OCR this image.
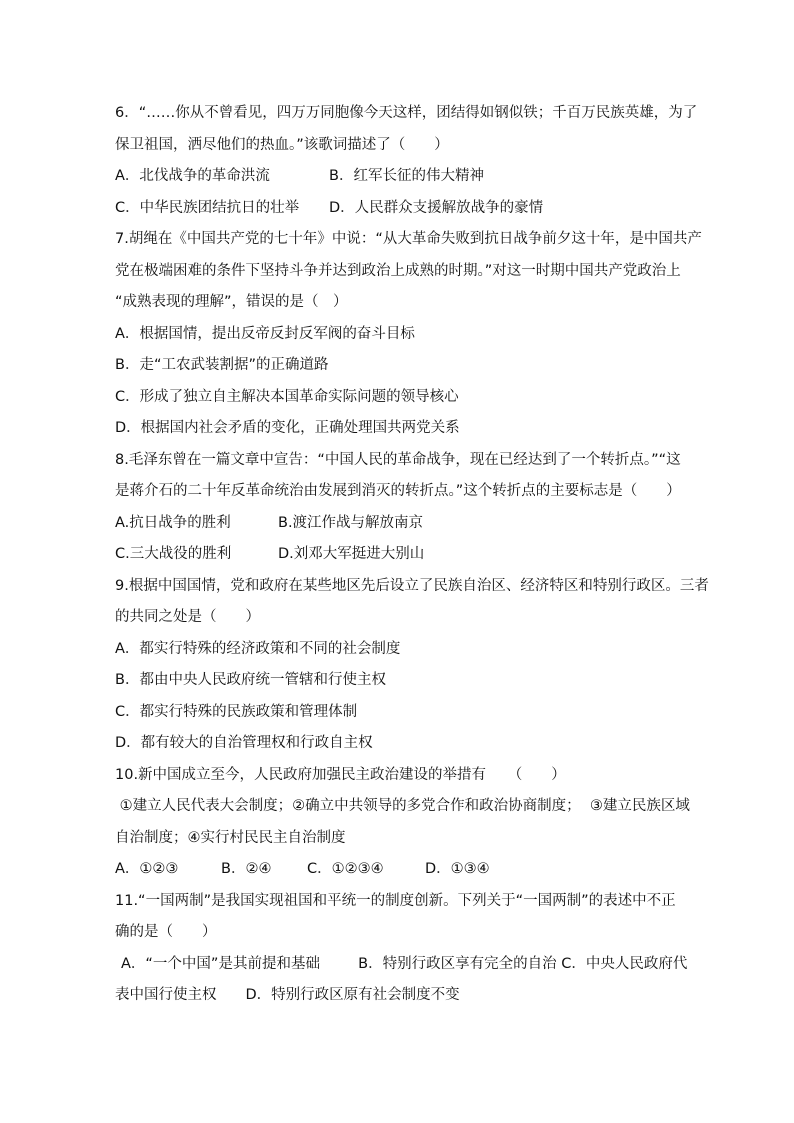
6．“……你从不曾看见，四万万同胞像今天这样，团结得如钢似铁；千百万民族英雄，为了

保卫祖国，洒尽他们的热血。”该歌词描述了（　　）

A．北伐战争的革命洪流	B．红军长征的伟大精神

C．中华民族团结抗日的壮举 D．人民群众支援解放战争的豪情

7.胡绳在《中国共产党的七十年》中说：“从大革命失败到抗日战争前夕这十年，是中国共产

党在极端困难的条件下坚持斗争并达到政治上成熟的时期。”对这一时期中国共产党政治上

“成熟表现的理解”，错误的是（　）

A．根据国情，提出反帝反封反军阀的奋斗目标

B．走“工农武装割据”的正确道路

C．形成了独立自主解决本国革命实际问题的领导核心

D．根据国内社会矛盾的变化，正确处理国共两党关系

8.毛泽东曾在一篇文章中宣告：“中国人民的革命战争，现在已经达到了一个转折点。”“这

是蒋介石的二十年反革命统治由发展到消灭的转折点。”这个转折点的主要标志是（　　）

A.抗日战争的胜利	B.渡江作战与解放南京

C.三大战役的胜利	D.刘邓大军挺进大别山

9.根据中国国情，党和政府在某些地区先后设立了民族自治区、经济特区和特别行政区。三者

的共同之处是（　　）

A．都实行特殊的经济政策和不同的社会制度

B．都由中央人民政府统一管辖和行使主权

C．都实行特殊的民族政策和管理体制

D．都有较大的自治管理权和行政自主权

10.新中国成立至今，人民政府加强民主政治建设的举措有　　（　　）

①建立人民代表大会制度；②确立中共领导的多党合作和政治协商制度；  ③建立民族区域

自治制度；④实行村民民主自治制度

A．①②③	B．②④ C．①②③④	D．①③④

11.“一国两制”是我国实现祖国和平统一的制度创新。下列关于“一国两制”的表述中不正

确的是（　　）

A．“一个中国”是其前提和基础　　  B．特别行政区享有完全的自治 C．中央人民政府代

表中国行使主权　　D．特别行政区原有社会制度不变
